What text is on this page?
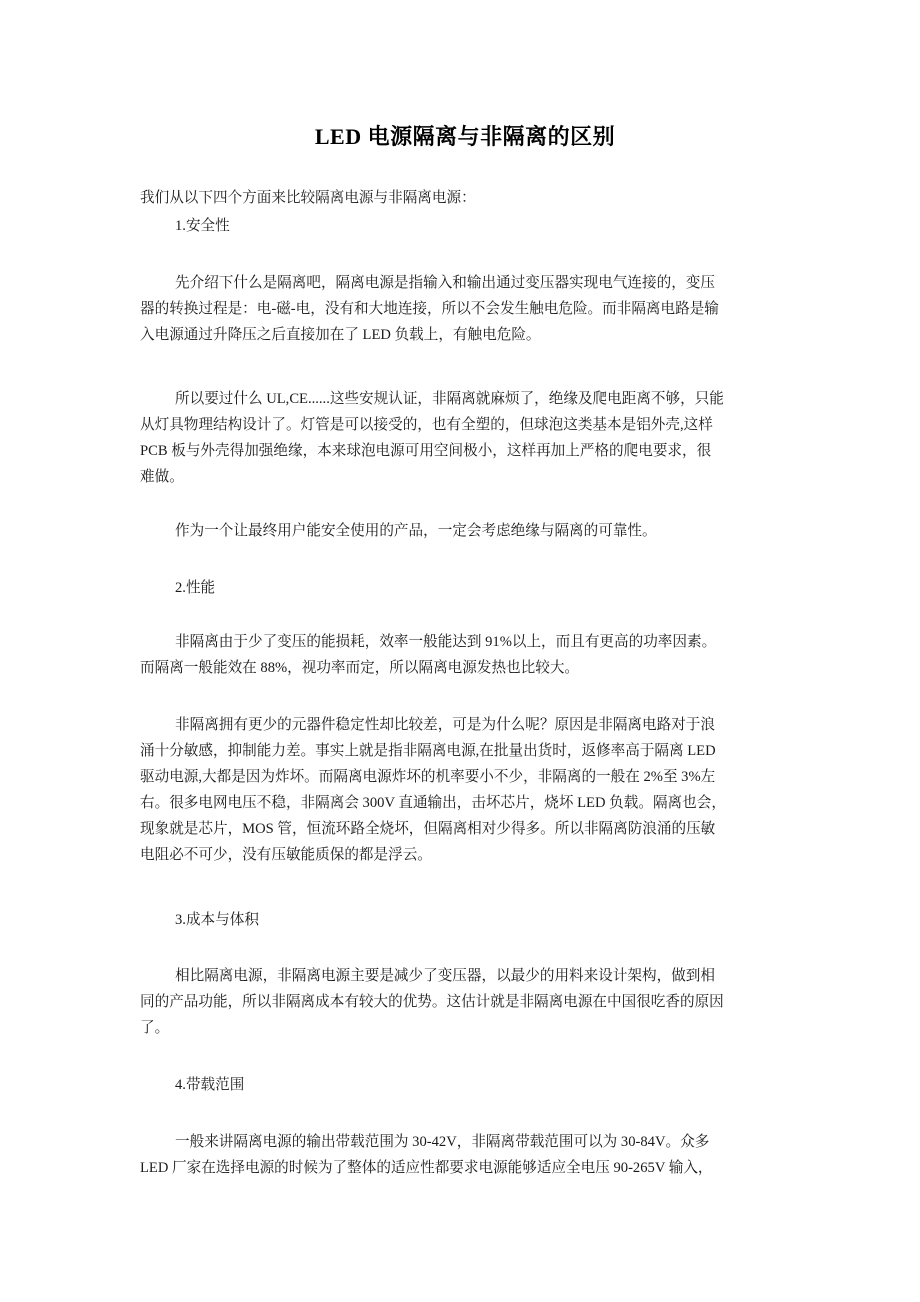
LED 电源隔离与非隔离的区别
我们从以下四个方面来比较隔离电源与非隔离电源：
1.安全性
先介绍下什么是隔离吧，隔离电源是指输入和输出通过变压器实现电气连接的，变压
器的转换过程是：电-磁-电，没有和大地连接，所以不会发生触电危险。而非隔离电路是输
入电源通过升降压之后直接加在了 LED 负载上，有触电危险。
所以要过什么 UL,CE......这些安规认证，非隔离就麻烦了，绝缘及爬电距离不够，只能
从灯具物理结构设计了。灯管是可以接受的，也有全塑的，但球泡这类基本是铝外壳,这样
PCB 板与外壳得加强绝缘，本来球泡电源可用空间极小，这样再加上严格的爬电要求，很
难做。
作为一个让最终用户能安全使用的产品，一定会考虑绝缘与隔离的可靠性。
2.性能
非隔离由于少了变压的能损耗，效率一般能达到 91%以上，而且有更高的功率因素。
而隔离一般能效在 88%，视功率而定，所以隔离电源发热也比较大。
非隔离拥有更少的元器件稳定性却比较差，可是为什么呢？原因是非隔离电路对于浪
涌十分敏感，抑制能力差。事实上就是指非隔离电源,在批量出货时，返修率高于隔离 LED
驱动电源,大都是因为炸坏。而隔离电源炸坏的机率要小不少，非隔离的一般在 2%至 3%左
右。很多电网电压不稳，非隔离会 300V 直通输出，击坏芯片，烧坏 LED 负载。隔离也会，
现象就是芯片，MOS 管，恒流环路全烧坏，但隔离相对少得多。所以非隔离防浪涌的压敏
电阻必不可少，没有压敏能质保的都是浮云。
3.成本与体积
相比隔离电源，非隔离电源主要是减少了变压器，以最少的用料来设计架构，做到相
同的产品功能，所以非隔离成本有较大的优势。这估计就是非隔离电源在中国很吃香的原因
了。
4.带载范围
一般来讲隔离电源的输出带载范围为 30-42V，非隔离带载范围可以为 30-84V。众多
LED 厂家在选择电源的时候为了整体的适应性都要求电源能够适应全电压 90-265V 输入，
